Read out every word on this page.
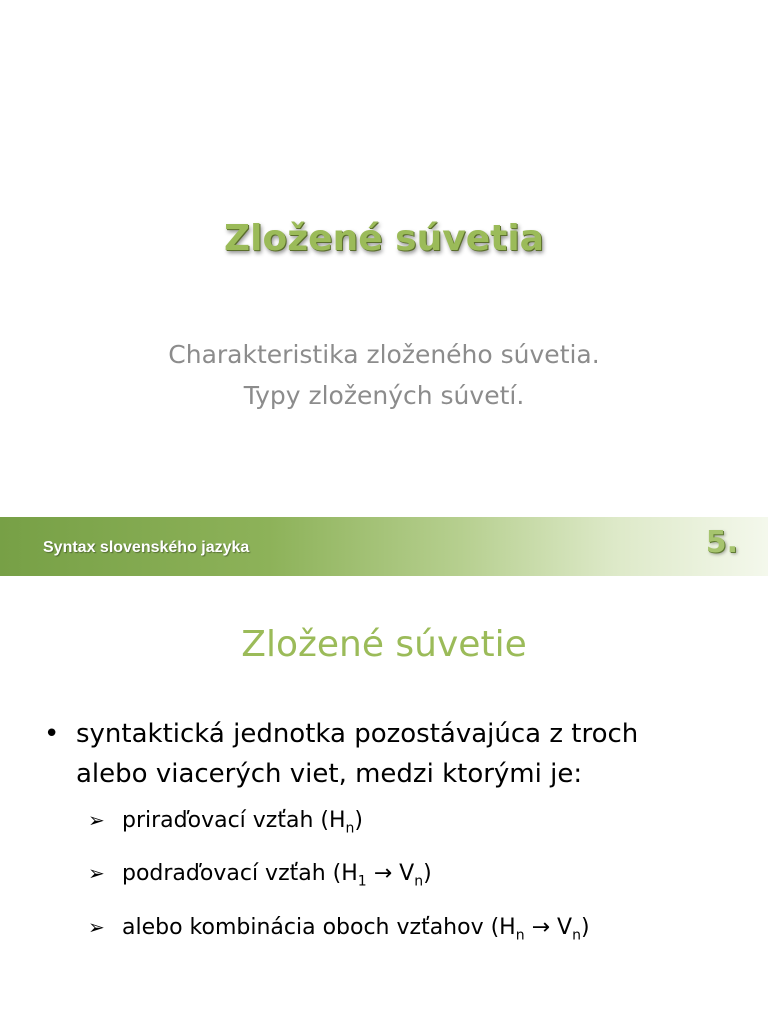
Zložené súvetia
Charakteristika zloženého súvetia.
Typy zložených súvetí.
Syntax slovenského jazyka	5.
Zložené súvetie
• syntaktická jednotka pozostávajúca z troch
alebo viacerých viet, medzi ktorými je:
➢ priraďovací vzťah $(H_n)$
➢ podraďovací vzťah $(H_1 \to V_n)$
➢ alebo kombinácia oboch vzťahov $(H_n \to V_n)$
